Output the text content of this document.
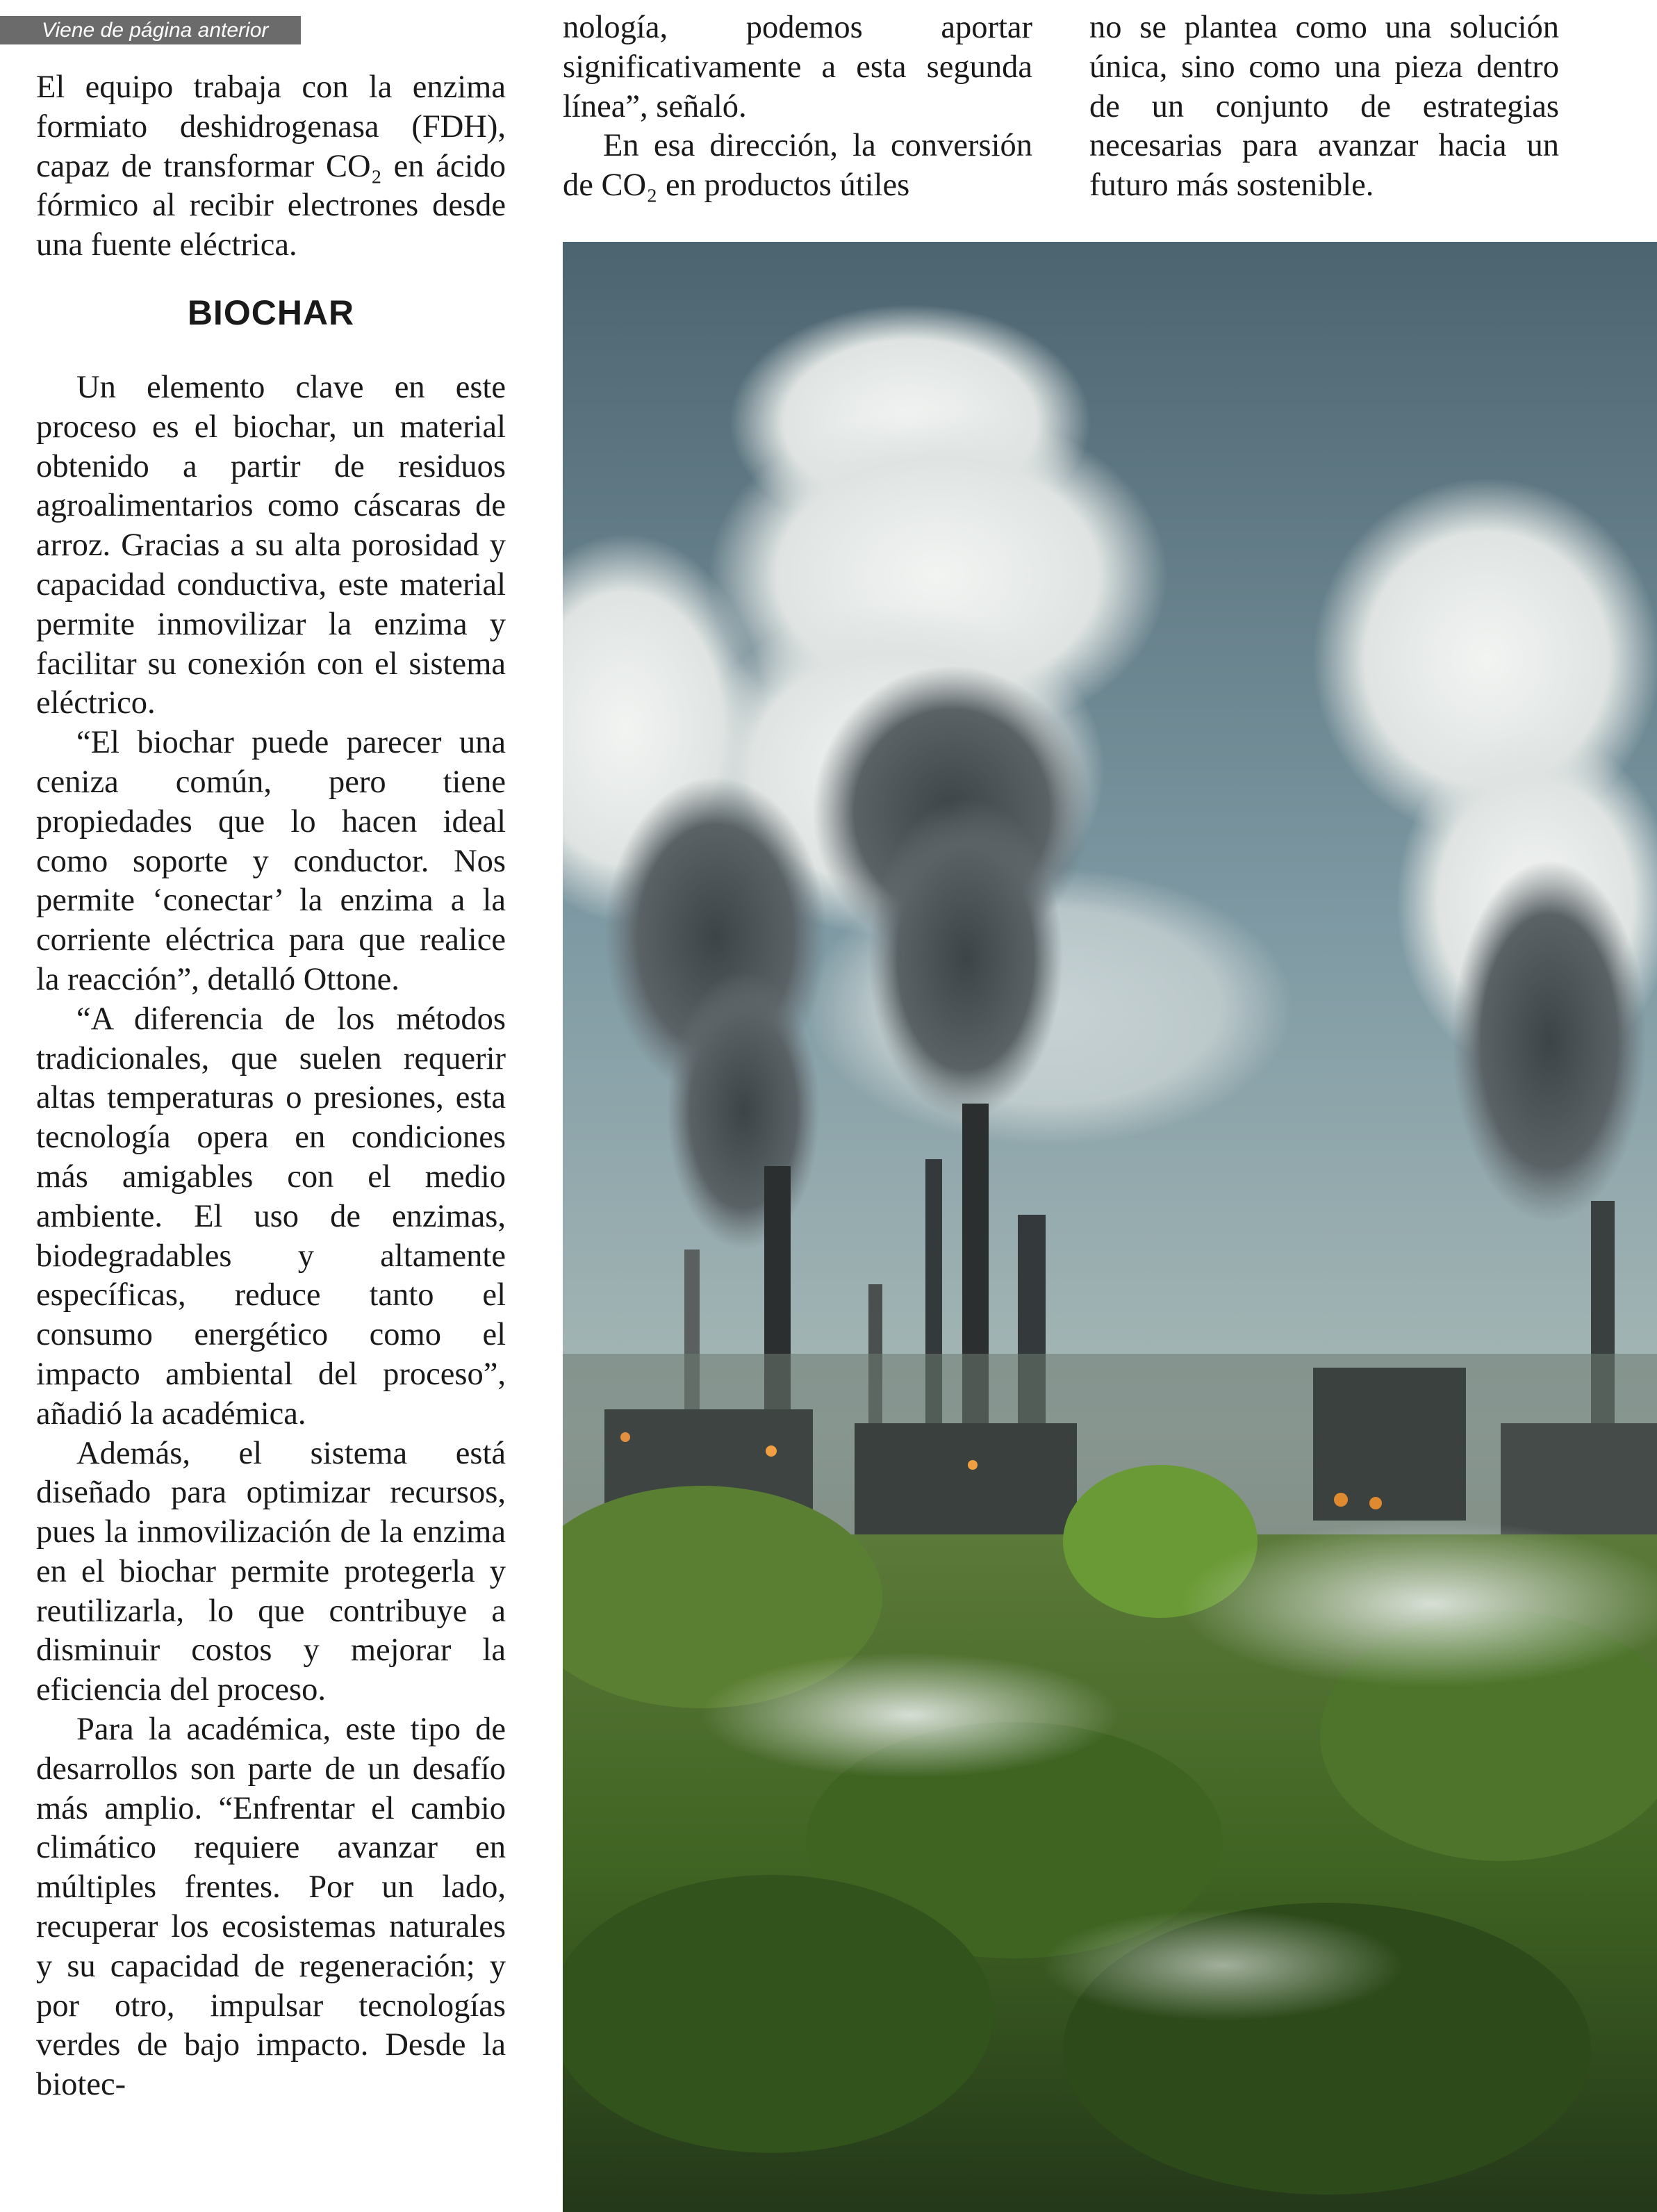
Viene de página anterior

El equipo trabaja con la enzima formiato deshidrogenasa (FDH), capaz de transformar CO₂ en ácido fórmico al recibir electrones desde una fuente eléctrica.

BIOCHAR

Un elemento clave en este proceso es el biochar, un material obtenido a partir de residuos agroalimentarios como cáscaras de arroz. Gracias a su alta porosidad y capacidad conductiva, este material permite inmovilizar la enzima y facilitar su conexión con el sistema eléctrico.

“El biochar puede parecer una ceniza común, pero tiene propiedades que lo hacen ideal como soporte y conductor. Nos permite ‘conectar’ la enzima a la corriente eléctrica para que realice la reacción”, detalló Ottone.

“A diferencia de los métodos tradicionales, que suelen requerir altas temperaturas o presiones, esta tecnología opera en condiciones más amigables con el medio ambiente. El uso de enzimas, biodegradables y altamente específicas, reduce tanto el consumo energético como el impacto ambiental del proceso”, añadió la académica.

Además, el sistema está diseñado para optimizar recursos, pues la inmovilización de la enzima en el biochar permite protegerla y reutilizarla, lo que contribuye a disminuir costos y mejorar la eficiencia del proceso.

Para la académica, este tipo de desarrollos son parte de un desafío más amplio. “Enfrentar el cambio climático requiere avanzar en múltiples frentes. Por un lado, recuperar los ecosistemas naturales y su capacidad de regeneración; y por otro, impulsar tecnologías verdes de bajo impacto. Desde la biotec-

nología, podemos aportar significativamente a esta segunda línea”, señaló.

En esa dirección, la conversión de CO₂ en productos útiles

no se plantea como una solución única, sino como una pieza dentro de un conjunto de estrategias necesarias para avanzar hacia un futuro más sostenible.
